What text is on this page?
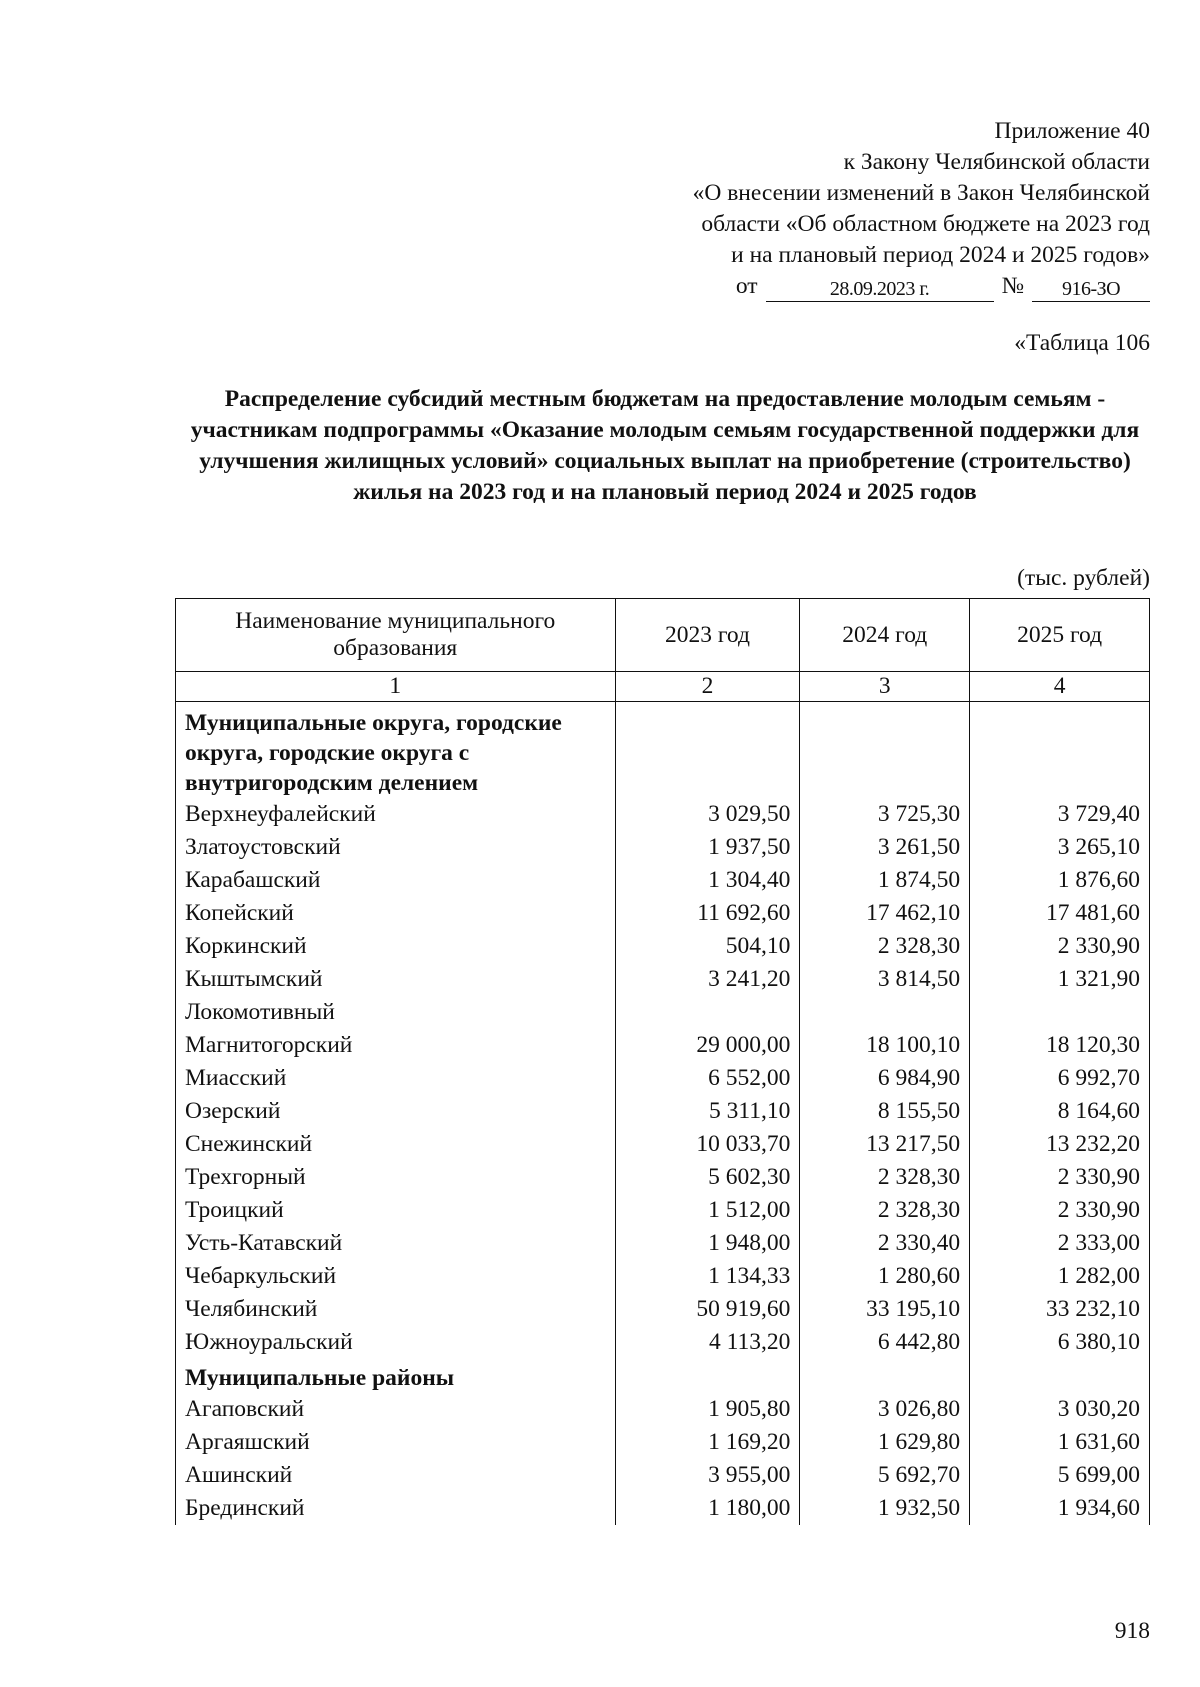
Приложение 40
к Закону Челябинской области
«О внесении изменений в Закон Челябинской
области «Об областном бюджете на 2023 год
и на плановый период 2024 и 2025 годов»
от	28.09.2023 г.	№	916-ЗО
«Таблица 106
Распределение субсидий местным бюджетам на предоставление молодым семьям - участникам подпрограммы «Оказание молодым семьям государственной поддержки для улучшения жилищных условий» социальных выплат на приобретение (строительство) жилья на 2023 год и на плановый период 2024 и 2025 годов
(тыс. рублей)
Наименование муниципального образования	2023 год	2024 год	2025 год
1	2	3	4
Муниципальные округа, городские округа, городские округа с внутригородским делением			
Верхнеуфалейский	3 029,50	3 725,30	3 729,40
Златоустовский	1 937,50	3 261,50	3 265,10
Карабашский	1 304,40	1 874,50	1 876,60
Копейский	11 692,60	17 462,10	17 481,60
Коркинский	504,10	2 328,30	2 330,90
Кыштымский	3 241,20	3 814,50	1 321,90
Локомотивный			
Магнитогорский	29 000,00	18 100,10	18 120,30
Миасский	6 552,00	6 984,90	6 992,70
Озерский	5 311,10	8 155,50	8 164,60
Снежинский	10 033,70	13 217,50	13 232,20
Трехгорный	5 602,30	2 328,30	2 330,90
Троицкий	1 512,00	2 328,30	2 330,90
Усть-Катавский	1 948,00	2 330,40	2 333,00
Чебаркульский	1 134,33	1 280,60	1 282,00
Челябинский	50 919,60	33 195,10	33 232,10
Южноуральский	4 113,20	6 442,80	6 380,10
Муниципальные районы			
Агаповский	1 905,80	3 026,80	3 030,20
Аргаяшский	1 169,20	1 629,80	1 631,60
Ашинский	3 955,00	5 692,70	5 699,00
Брединский	1 180,00	1 932,50	1 934,60
918
